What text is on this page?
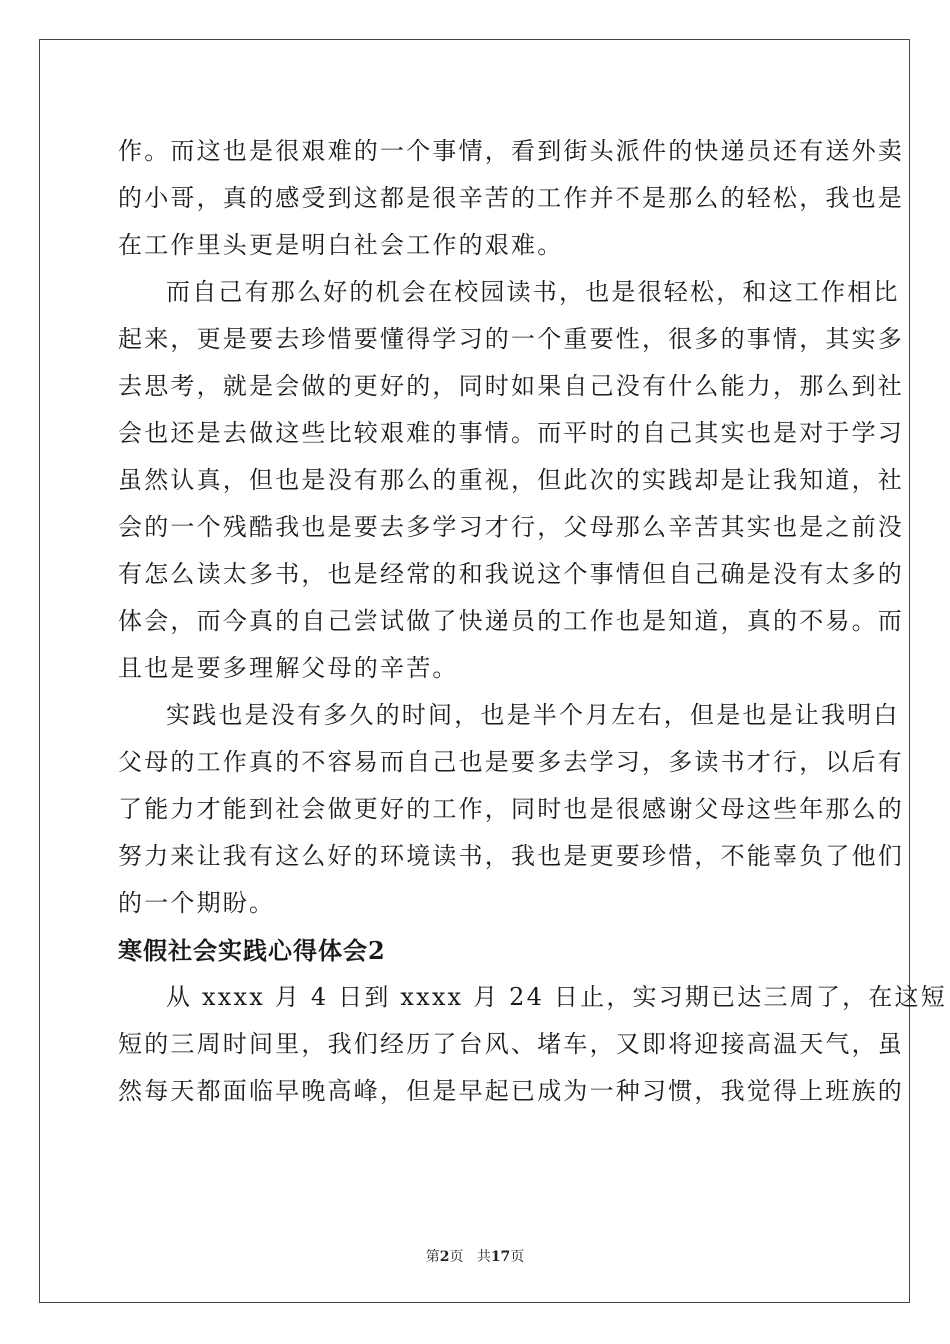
作。而这也是很艰难的一个事情，看到街头派件的快递员还有送外卖
的小哥，真的感受到这都是很辛苦的工作并不是那么的轻松，我也是
在工作里头更是明白社会工作的艰难。

而自己有那么好的机会在校园读书，也是很轻松，和这工作相比
起来，更是要去珍惜要懂得学习的一个重要性，很多的事情，其实多
去思考，就是会做的更好的，同时如果自己没有什么能力，那么到社
会也还是去做这些比较艰难的事情。而平时的自己其实也是对于学习
虽然认真，但也是没有那么的重视，但此次的实践却是让我知道，社
会的一个残酷我也是要去多学习才行，父母那么辛苦其实也是之前没
有怎么读太多书，也是经常的和我说这个事情但自己确是没有太多的
体会，而今真的自己尝试做了快递员的工作也是知道，真的不易。而
且也是要多理解父母的辛苦。

实践也是没有多久的时间，也是半个月左右，但是也是让我明白
父母的工作真的不容易而自己也是要多去学习，多读书才行，以后有
了能力才能到社会做更好的工作，同时也是很感谢父母这些年那么的
努力来让我有这么好的环境读书，我也是更要珍惜，不能辜负了他们
的一个期盼。

寒假社会实践心得体会2

从 xxxx 月 4 日到 xxxx 月 24 日止，实习期已达三周了，在这短
短的三周时间里，我们经历了台风、堵车，又即将迎接高温天气，虽
然每天都面临早晚高峰，但是早起已成为一种习惯，我觉得上班族的

第2页 共17页
